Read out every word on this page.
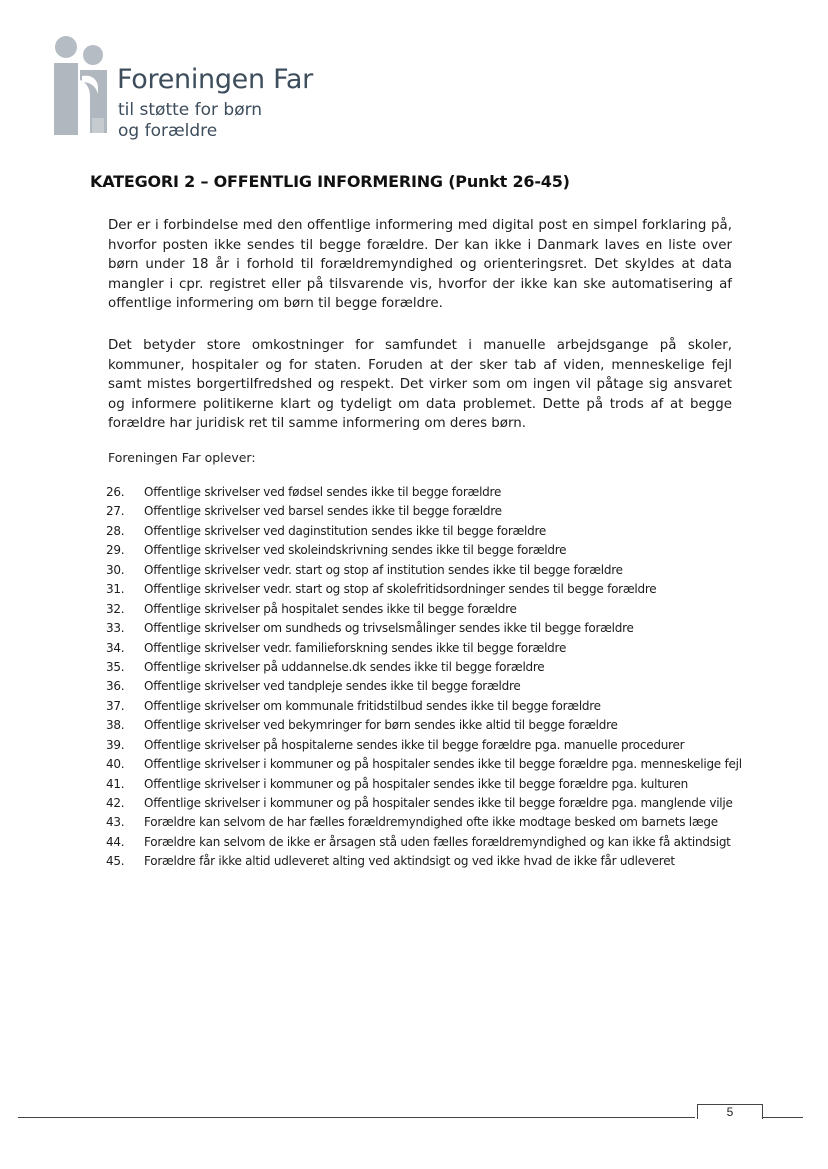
Foreningen Far
til støtte for børn
og forældre
KATEGORI 2 – OFFENTLIG INFORMERING (Punkt 26-45)

Der er i forbindelse med den offentlige informering med digital post en simpel forklaring på, hvorfor posten ikke sendes til begge forældre. Der kan ikke i Danmark laves en liste over børn under 18 år i forhold til forældremyndighed og orienteringsret. Det skyldes at data mangler i cpr. registret eller på tilsvarende vis, hvorfor der ikke kan ske automatisering af offentlige informering om børn til begge forældre.

Det betyder store omkostninger for samfundet i manuelle arbejdsgange på skoler, kommuner, hospitaler og for staten. Foruden at der sker tab af viden, menneskelige fejl samt mistes borgertilfredshed og respekt. Det virker som om ingen vil påtage sig ansvaret og informere politikerne klart og tydeligt om data problemet. Dette på trods af at begge forældre har juridisk ret til samme informering om deres børn.

Foreningen Far oplever:
26. Offentlige skrivelser ved fødsel sendes ikke til begge forældre
27. Offentlige skrivelser ved barsel sendes ikke til begge forældre
28. Offentlige skrivelser ved daginstitution sendes ikke til begge forældre
29. Offentlige skrivelser ved skoleindskrivning sendes ikke til begge forældre
30. Offentlige skrivelser vedr. start og stop af institution sendes ikke til begge forældre
31. Offentlige skrivelser vedr. start og stop af skolefritidsordninger sendes til begge forældre
32. Offentlige skrivelser på hospitalet sendes ikke til begge forældre
33. Offentlige skrivelser om sundheds og trivselsmålinger sendes ikke til begge forældre
34. Offentlige skrivelser vedr. familieforskning sendes ikke til begge forældre
35. Offentlige skrivelser på uddannelse.dk sendes ikke til begge forældre
36. Offentlige skrivelser ved tandpleje sendes ikke til begge forældre
37. Offentlige skrivelser om kommunale fritidstilbud sendes ikke til begge forældre
38. Offentlige skrivelser ved bekymringer for børn sendes ikke altid til begge forældre
39. Offentlige skrivelser på hospitalerne sendes ikke til begge forældre pga. manuelle procedurer
40. Offentlige skrivelser i kommuner og på hospitaler sendes ikke til begge forældre pga. menneskelige fejl
41. Offentlige skrivelser i kommuner og på hospitaler sendes ikke til begge forældre pga. kulturen
42. Offentlige skrivelser i kommuner og på hospitaler sendes ikke til begge forældre pga. manglende vilje
43. Forældre kan selvom de har fælles forældremyndighed ofte ikke modtage besked om barnets læge
44. Forældre kan selvom de ikke er årsagen stå uden fælles forældremyndighed og kan ikke få aktindsigt
45. Forældre får ikke altid udleveret alting ved aktindsigt og ved ikke hvad de ikke får udleveret
5
